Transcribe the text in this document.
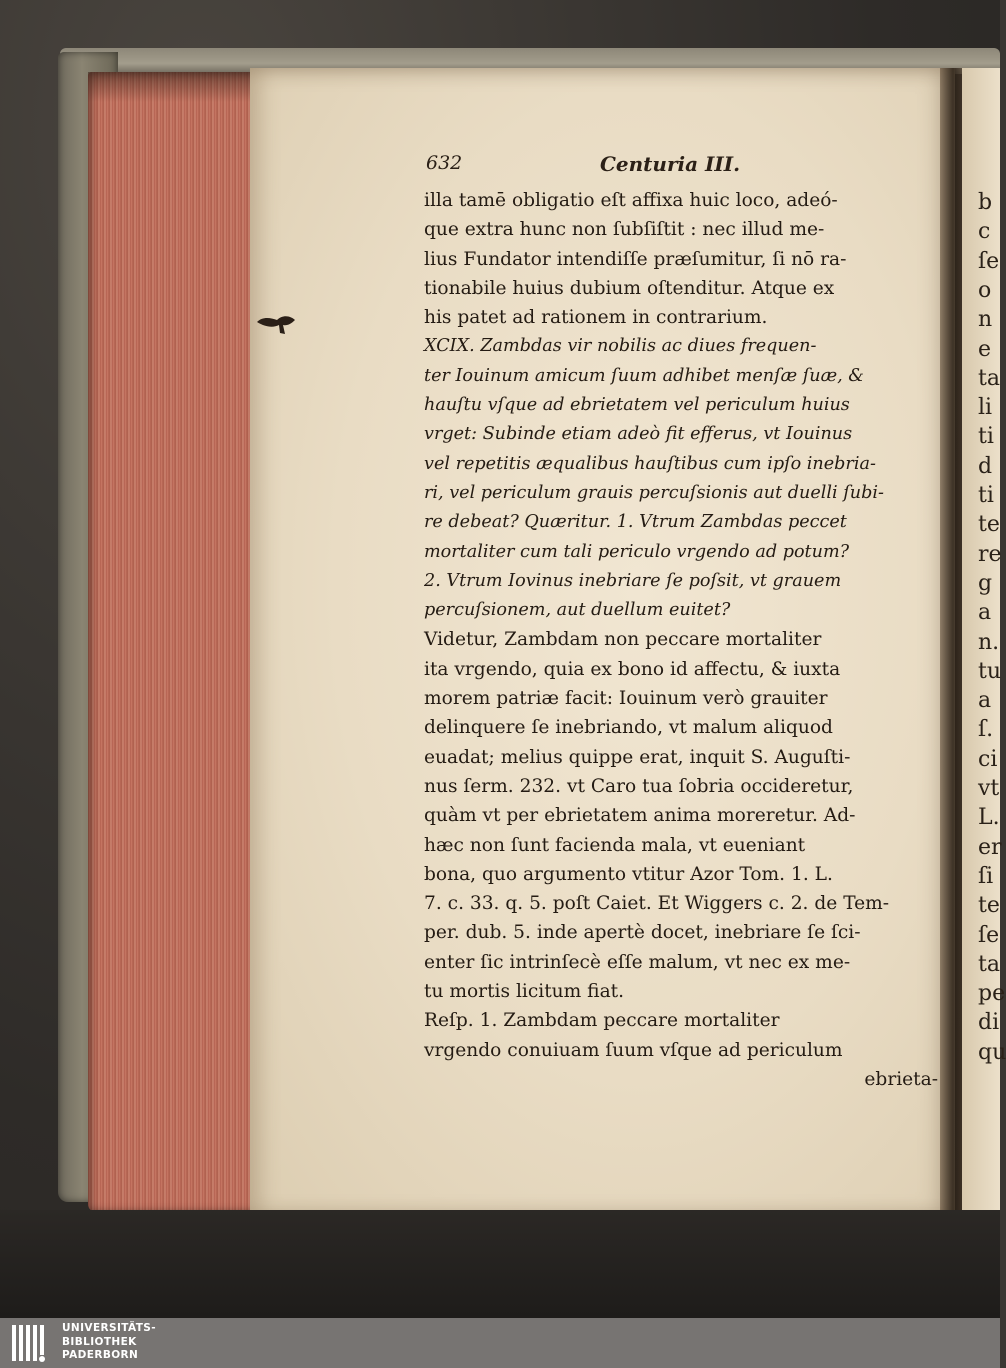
b
c
ſe
o
n
e
ta
li
ti
d
ti
te
re
g
a
n.
tu
a
ſ.
ci
vt
L.
er
ſi
te
ſe
ta
pe
di
qu
632	Centuria III.
illa tamē obligatio eſt affixa huic loco, adeó-
que extra hunc non ſubſiſtit : nec illud me-
lius Fundator intendiſſe præſumitur, ſi nō ra-
tionabile huius dubium oſtenditur. Atque ex
his patet ad rationem in contrarium.
XCIX. Zambdas vir nobilis ac diues frequen-
ter Iouinum amicum ſuum adhibet menſæ ſuæ, &
hauſtu vſque ad ebrietatem vel periculum huius
vrget: Subinde etiam adeò fit efferus, vt Iouinus
vel repetitis æqualibus hauſtibus cum ipſo inebria-
ri, vel periculum grauis percuſsionis aut duelli ſubi-
re debeat? Quæritur. 1. Vtrum Zambdas peccet
mortaliter cum tali periculo vrgendo ad potum?
2. Vtrum Iovinus inebriare ſe poſsit, vt grauem
percuſsionem, aut duellum euitet?
Videtur, Zambdam non peccare mortaliter
ita vrgendo, quia ex bono id affectu, & iuxta
morem patriæ facit: Iouinum verò grauiter
delinquere ſe inebriando, vt malum aliquod
euadat; melius quippe erat, inquit S. Auguſti-
nus ſerm. 232. vt Caro tua ſobria occideretur,
quàm vt per ebrietatem anima moreretur. Ad-
hæc non ſunt facienda mala, vt eueniant
bona, quo argumento vtitur Azor Tom. 1. L.
7. c. 33. q. 5. poſt Caiet. Et Wiggers c. 2. de Tem-
per. dub. 5. inde apertè docet, inebriare ſe ſci-
enter ſic intrinſecè eſſe malum, vt nec ex me-
tu mortis licitum fiat.
Reſp. 1. Zambdam peccare mortaliter
vrgendo conuiuam ſuum vſque ad periculum
ebrieta-
UNIVERSITÄTS-
BIBLIOTHEK
PADERBORN
